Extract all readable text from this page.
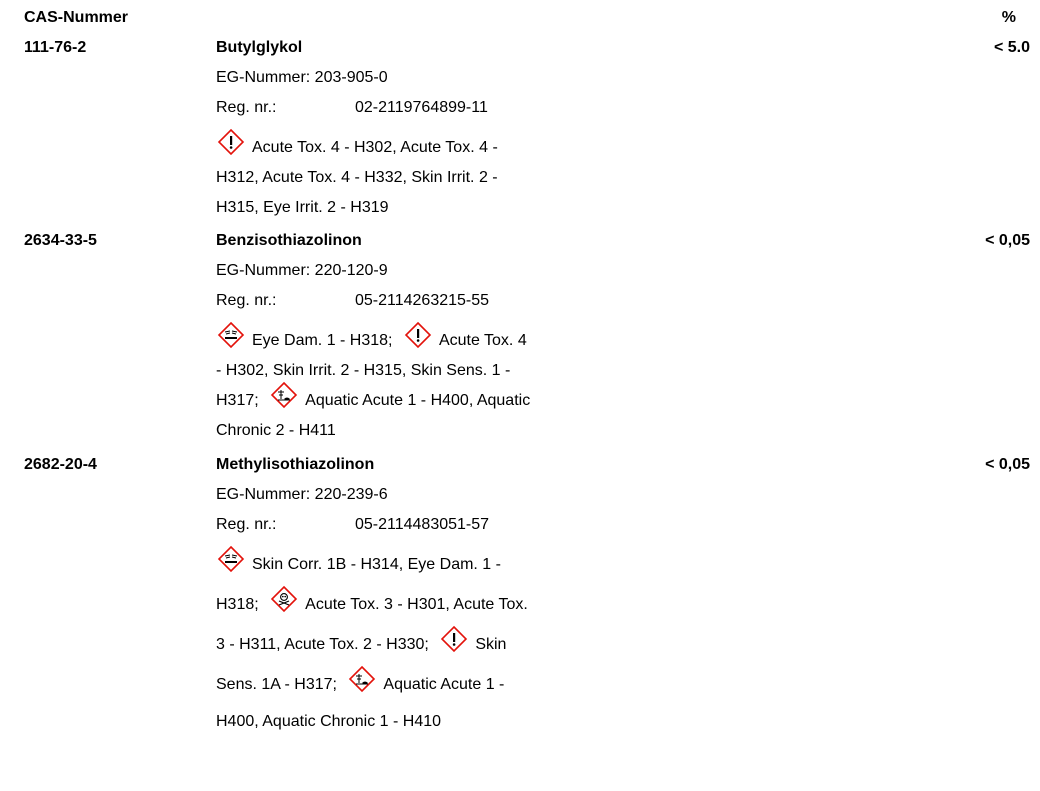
CAS-Nummer	%
111-76-2	Butylglykol	< 5.0
EG-Nummer: 203-905-0
Reg. nr.:	02-2119764899-11
Acute Tox. 4 - H302, Acute Tox. 4 -
H312, Acute Tox. 4 - H332, Skin Irrit. 2 -
H315, Eye Irrit. 2 - H319
2634-33-5	Benzisothiazolinon	< 0,05
EG-Nummer: 220-120-9
Reg. nr.:	05-2114263215-55
Eye Dam. 1 - H318;	Acute Tox. 4
- H302, Skin Irrit. 2 - H315, Skin Sens. 1 -
H317;	Aquatic Acute 1 - H400, Aquatic
Chronic 2 - H411
2682-20-4	Methylisothiazolinon	< 0,05
EG-Nummer: 220-239-6
Reg. nr.:	05-2114483051-57
Skin Corr. 1B - H314, Eye Dam. 1 -
H318;	Acute Tox. 3 - H301, Acute Tox.
3 - H311, Acute Tox. 2 - H330;	Skin
Sens. 1A - H317;	Aquatic Acute 1 -
H400, Aquatic Chronic 1 - H410
